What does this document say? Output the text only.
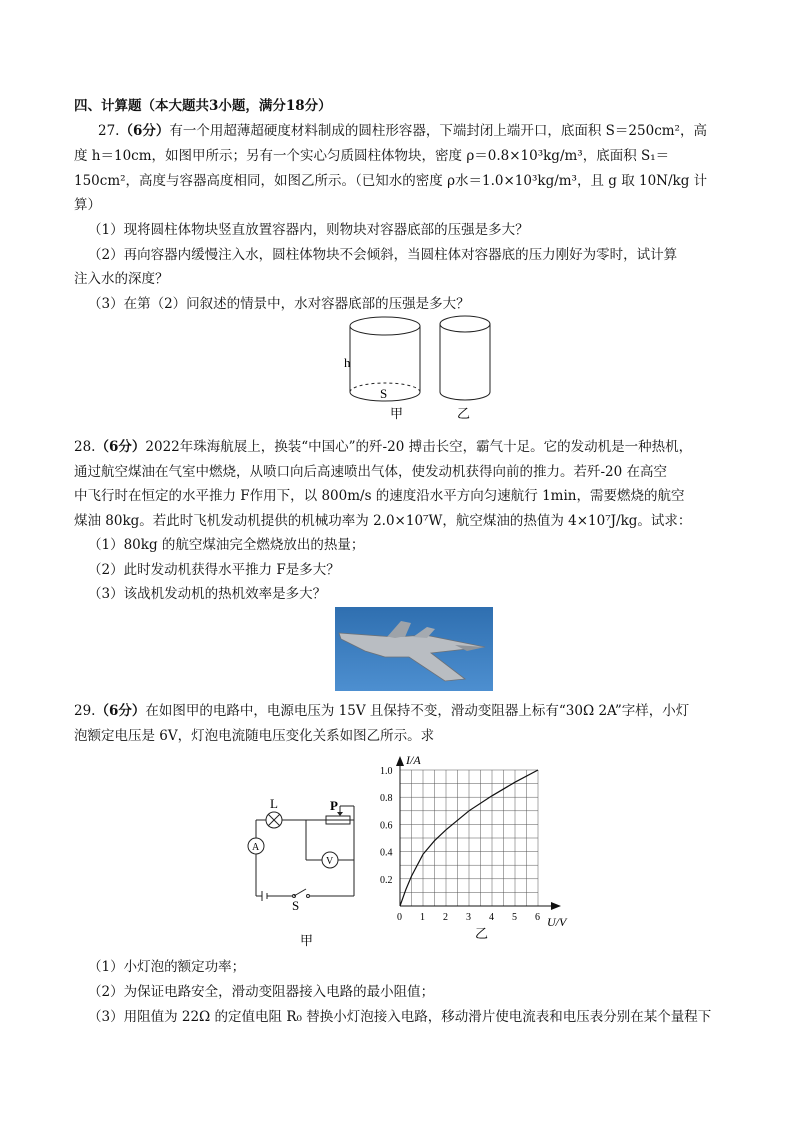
四、计算题（本大题共3小题，满分18分）
27.（6分）有一个用超薄超硬度材料制成的圆柱形容器，下端封闭上端开口，底面积 S＝250cm²，高
度 h＝10cm，如图甲所示；另有一个实心匀质圆柱体物块，密度 ρ＝0.8×10³kg/m³，底面积 S₁＝
150cm²，高度与容器高度相同，如图乙所示。（已知水的密度 ρ水＝1.0×10³kg/m³，且 g 取 10N/kg 计
算）
（1）现将圆柱体物块竖直放置容器内，则物块对容器底部的压强是多大？
（2）再向容器内缓慢注入水，圆柱体物块不会倾斜，当圆柱体对容器底的压力刚好为零时，试计算
注入水的深度？
（3）在第（2）问叙述的情景中，水对容器底部的压强是多大？
h
S
甲	乙
28.（6分）2022年珠海航展上，换装“中国心”的歼-20 搏击长空，霸气十足。它的发动机是一种热机，
通过航空煤油在气室中燃烧，从喷口向后高速喷出气体，使发动机获得向前的推力。若歼-20 在高空
中飞行时在恒定的水平推力 F作用下，以 800m/s 的速度沿水平方向匀速航行 1min，需要燃烧的航空
煤油 80kg。若此时飞机发动机提供的机械功率为 2.0×10⁷W，航空煤油的热值为 4×10⁷J/kg。试求：
（1）80kg 的航空煤油完全燃烧放出的热量；
（2）此时发动机获得水平推力 F是多大？
（3）该战机发动机的热机效率是多大？
29.（6分）在如图甲的电路中，电源电压为 15V 且保持不变，滑动变阻器上标有“30Ω 2A”字样，小灯
泡额定电压是 6V，灯泡电流随电压变化关系如图乙所示。求
L	P
A
V
S
甲
0 1 2 3 4 5 6
0.2
0.4
0.6
0.8
1.0
I/A
U/V
乙
（1）小灯泡的额定功率；
（2）为保证电路安全，滑动变阻器接入电路的最小阻值；
（3）用阻值为 22Ω 的定值电阻 R₀ 替换小灯泡接入电路，移动滑片使电流表和电压表分别在某个量程下
